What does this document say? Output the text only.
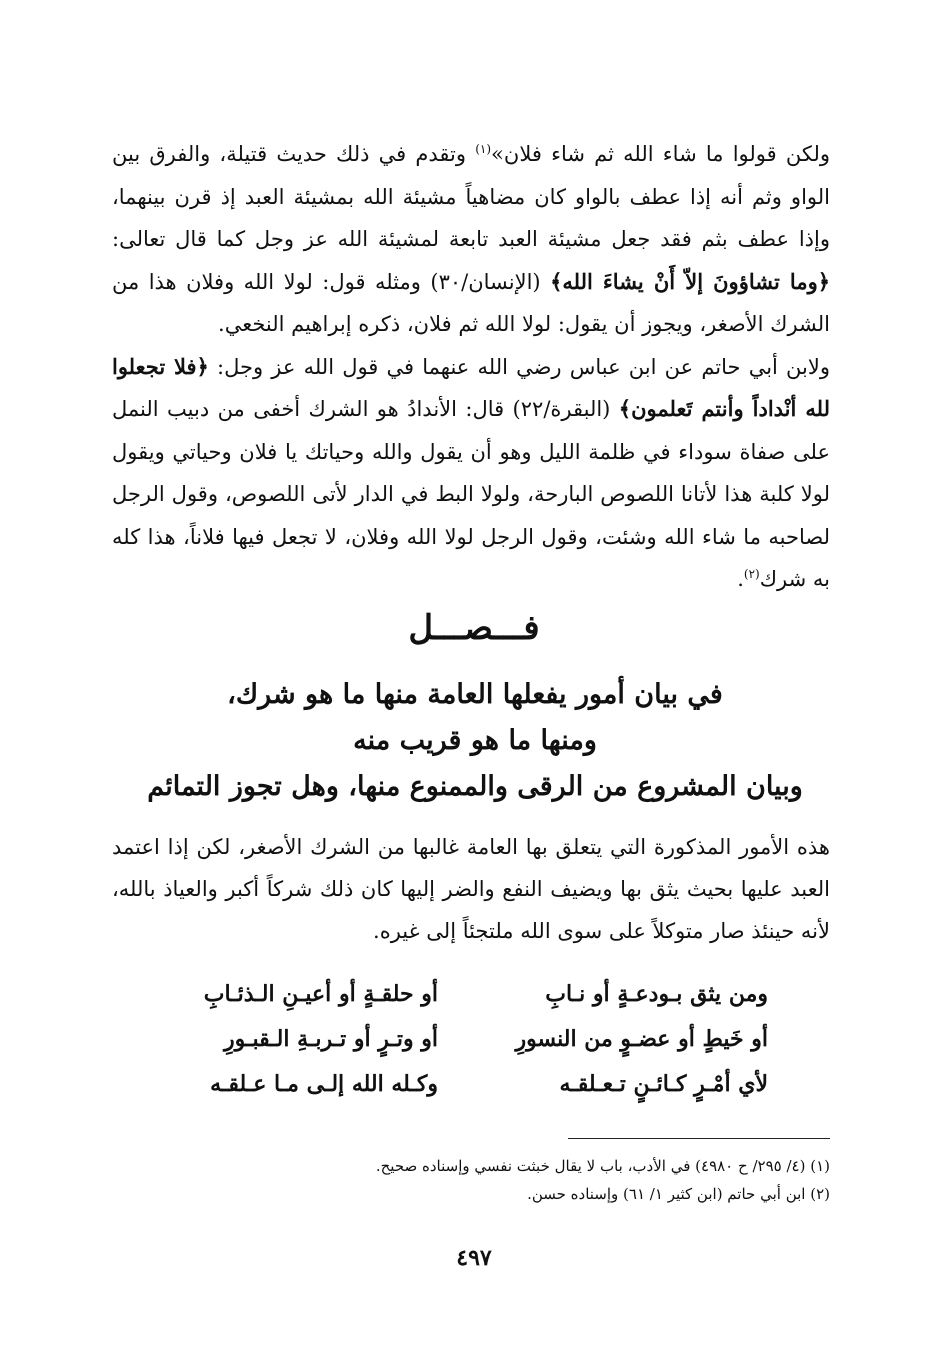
ولكن قولوا ما شاء الله ثم شاء فلان»$^{(١)}$ وتقدم في ذلك حديث قتيلة، والفرق بين الواو وثم أنه إذا عطف بالواو كان مضاهياً مشيئة الله بمشيئة العبد إذ قرن بينهما، وإذا عطف بثم فقد جعل مشيئة العبد تابعة لمشيئة الله عز وجل كما قال تعالى: ﴿وما تشاؤونَ إلاّ أَنْ يشاءَ الله﴾ (الإنسان/٣٠) ومثله قول: لولا الله وفلان هذا من الشرك الأصغر، ويجوز أن يقول: لولا الله ثم فلان، ذكره إبراهيم النخعي.

ولابن أبي حاتم عن ابن عباس رضي الله عنهما في قول الله عز وجل: ﴿فلا تجعلوا لله أنْداداً وأنتم تَعلمون﴾ (البقرة/٢٢) قال: الأندادُ هو الشرك أخفى من دبيب النمل على صفاة سوداء في ظلمة الليل وهو أن يقول والله وحياتك يا فلان وحياتي ويقول لولا كلبة هذا لأتانا اللصوص البارحة، ولولا البط في الدار لأتى اللصوص، وقول الرجل لصاحبه ما شاء الله وشئت، وقول الرجل لولا الله وفلان، لا تجعل فيها فلاناً، هذا كله به شرك$^{(٢)}$.

فـــصـــل
في بيان أمور يفعلها العامة منها ما هو شرك،
ومنها ما هو قريب منه
وبيان المشروع من الرقى والممنوع منها، وهل تجوز التمائم

هذه الأمور المذكورة التي يتعلق بها العامة غالبها من الشرك الأصغر، لكن إذا اعتمد العبد عليها بحيث يثق بها ويضيف النفع والضر إليها كان ذلك شركاً أكبر والعياذ بالله، لأنه حينئذ صار متوكلاً على سوى الله ملتجئاً إلى غيره.

ومن يثق بـودعـةٍ أو نـابِ
أو حلقـةٍ أو أعيـنِ الـذئـابِ
أو خَيطٍ أو عضـوٍ من النسورِ
أو وتـرٍ أو تـربـةِ الـقبـورِ
لأي أمْـرٍ كـائـنٍ تـعـلقـه
وكـله الله إلـى مـا عـلقـه
(١) (٤/ ٢٩٥/ ح ٤٩٨٠) في الأدب، باب لا يقال خبثت نفسي وإسناده صحيح.
(٢) ابن أبي حاتم (ابن كثير ١/ ٦١) وإسناده حسن.
٤٩٧
